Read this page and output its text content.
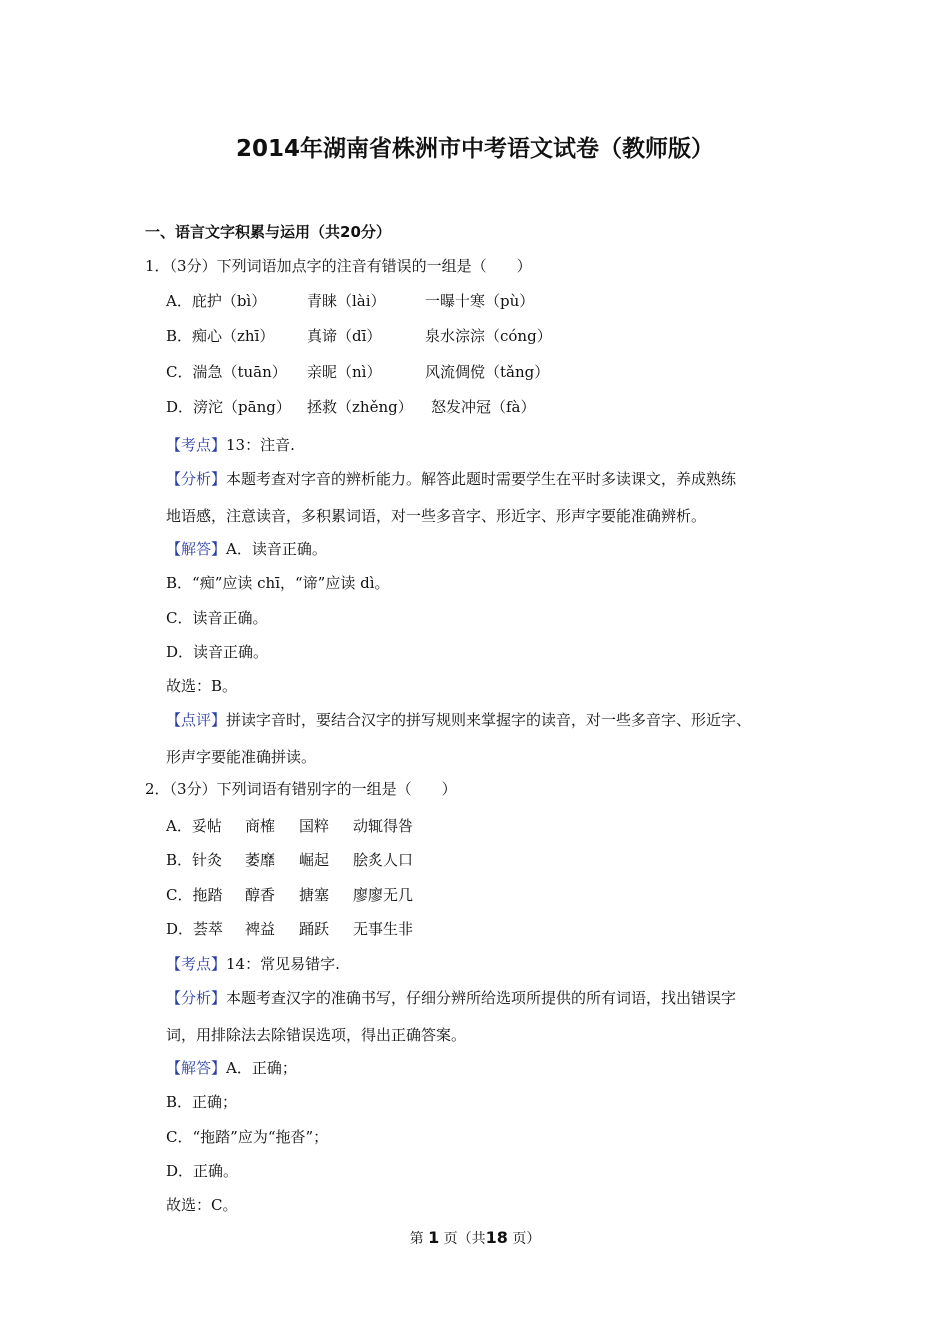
2014年湖南省株洲市中考语文试卷（教师版）
一、语言文字积累与运用（共20分）
1．（3分）下列词语加点字的注音有错误的一组是（　　）
A．庇护（bì）	青睐（lài）	一曝十寒（pù）
B．痴心（zhī） 真谛（dī）	泉水淙淙（cóng）
C．湍急（tuān） 亲昵（nì）	风流倜傥（tǎng）
D．滂沱（pāng） 拯救（zhěng） 怒发冲冠（fà）
【考点】13：注音.
【分析】本题考查对字音的辨析能力。解答此题时需要学生在平时多读课文，养成熟练
地语感，注意读音，多积累词语，对一些多音字、形近字、形声字要能准确辨析。
【解答】A．读音正确。
B．“痴”应读 chī，“谛”应读 dì。
C．读音正确。
D．读音正确。
故选：B。
【点评】拼读字音时，要结合汉字的拼写规则来掌握字的读音，对一些多音字、形近字、
形声字要能准确拼读。
2．（3分）下列词语有错别字的一组是（　　）
A．妥帖 商榷 国粹 动辄得咎
B．针灸 萎靡 崛起 脍炙人口
C．拖踏 醇香 搪塞 廖廖无几
D．荟萃 裨益 踊跃 无事生非
【考点】14：常见易错字.
【分析】本题考查汉字的准确书写，仔细分辨所给选项所提供的所有词语，找出错误字
词，用排除法去除错误选项，得出正确答案。
【解答】A．正确；
B．正确；
C．“拖踏”应为“拖沓”；
D．正确。
故选：C。
第 1 页（共18 页）
